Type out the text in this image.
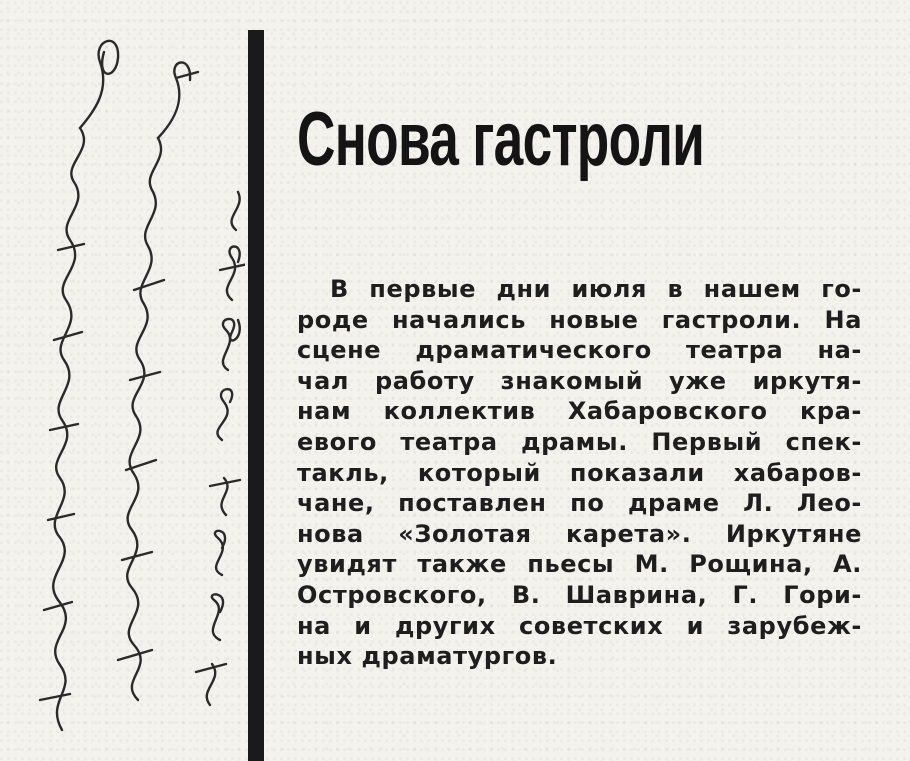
Снова гастроли
В первые дни июля в нашем го-
роде начались новые гастроли. На
сцене драматического театра на-
чал работу знакомый уже иркутя-
нам коллектив Хабаровского кра-
евого театра драмы. Первый спек-
такль, который показали хабаров-
чане, поставлен по драме Л. Лео-
нова «Золотая карета». Иркутяне
увидят также пьесы М. Рощина, А.
Островского, В. Шаврина, Г. Гори-
на и других советских и зарубеж-
ных драматургов.
